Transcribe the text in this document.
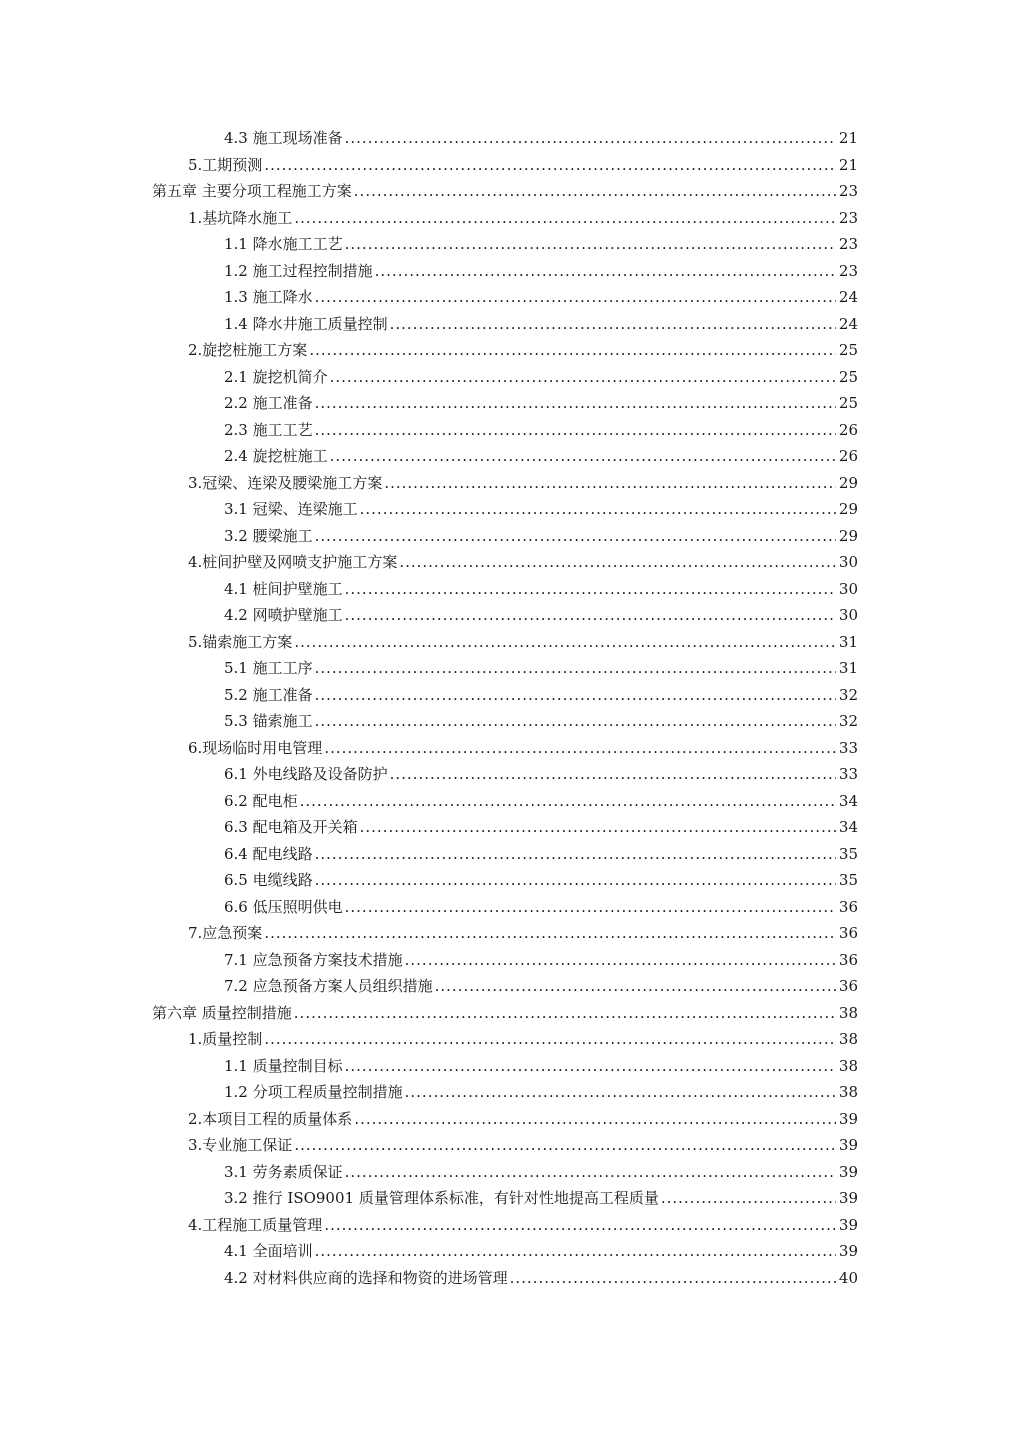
4.3 施工现场准备 .....	21
5.工期预测 .....	21
第五章 主要分项工程施工方案 .....	23
1.基坑降水施工 .....	23
1.1 降水施工工艺 .....	23
1.2 施工过程控制措施 .....	23
1.3 施工降水 .....	24
1.4 降水井施工质量控制 .....	24
2.旋挖桩施工方案 .....	25
2.1 旋挖机简介 .....	25
2.2 施工准备 .....	25
2.3 施工工艺 .....	26
2.4 旋挖桩施工 .....	26
3.冠梁、连梁及腰梁施工方案 .....	29
3.1 冠梁、连梁施工 .....	29
3.2 腰梁施工 .....	29
4.桩间护壁及网喷支护施工方案 .....	30
4.1 桩间护壁施工 .....	30
4.2 网喷护壁施工 .....	30
5.锚索施工方案 .....	31
5.1 施工工序 .....	31
5.2 施工准备 .....	32
5.3 锚索施工 .....	32
6.现场临时用电管理 .....	33
6.1 外电线路及设备防护 .....	33
6.2 配电柜 .....	34
6.3 配电箱及开关箱 .....	34
6.4 配电线路 .....	35
6.5 电缆线路 .....	35
6.6 低压照明供电 .....	36
7.应急预案 .....	36
7.1 应急预备方案技术措施 .....	36
7.2 应急预备方案人员组织措施 .....	36
第六章 质量控制措施 .....	38
1.质量控制 .....	38
1.1 质量控制目标 .....	38
1.2 分项工程质量控制措施 .....	38
2.本项目工程的质量体系 .....	39
3.专业施工保证 .....	39
3.1 劳务素质保证 .....	39
3.2 推行 ISO9001 质量管理体系标准，有针对性地提高工程质量 .....	39
4.工程施工质量管理 .....	39
4.1 全面培训 .....	39
4.2 对材料供应商的选择和物资的进场管理 .....	40
